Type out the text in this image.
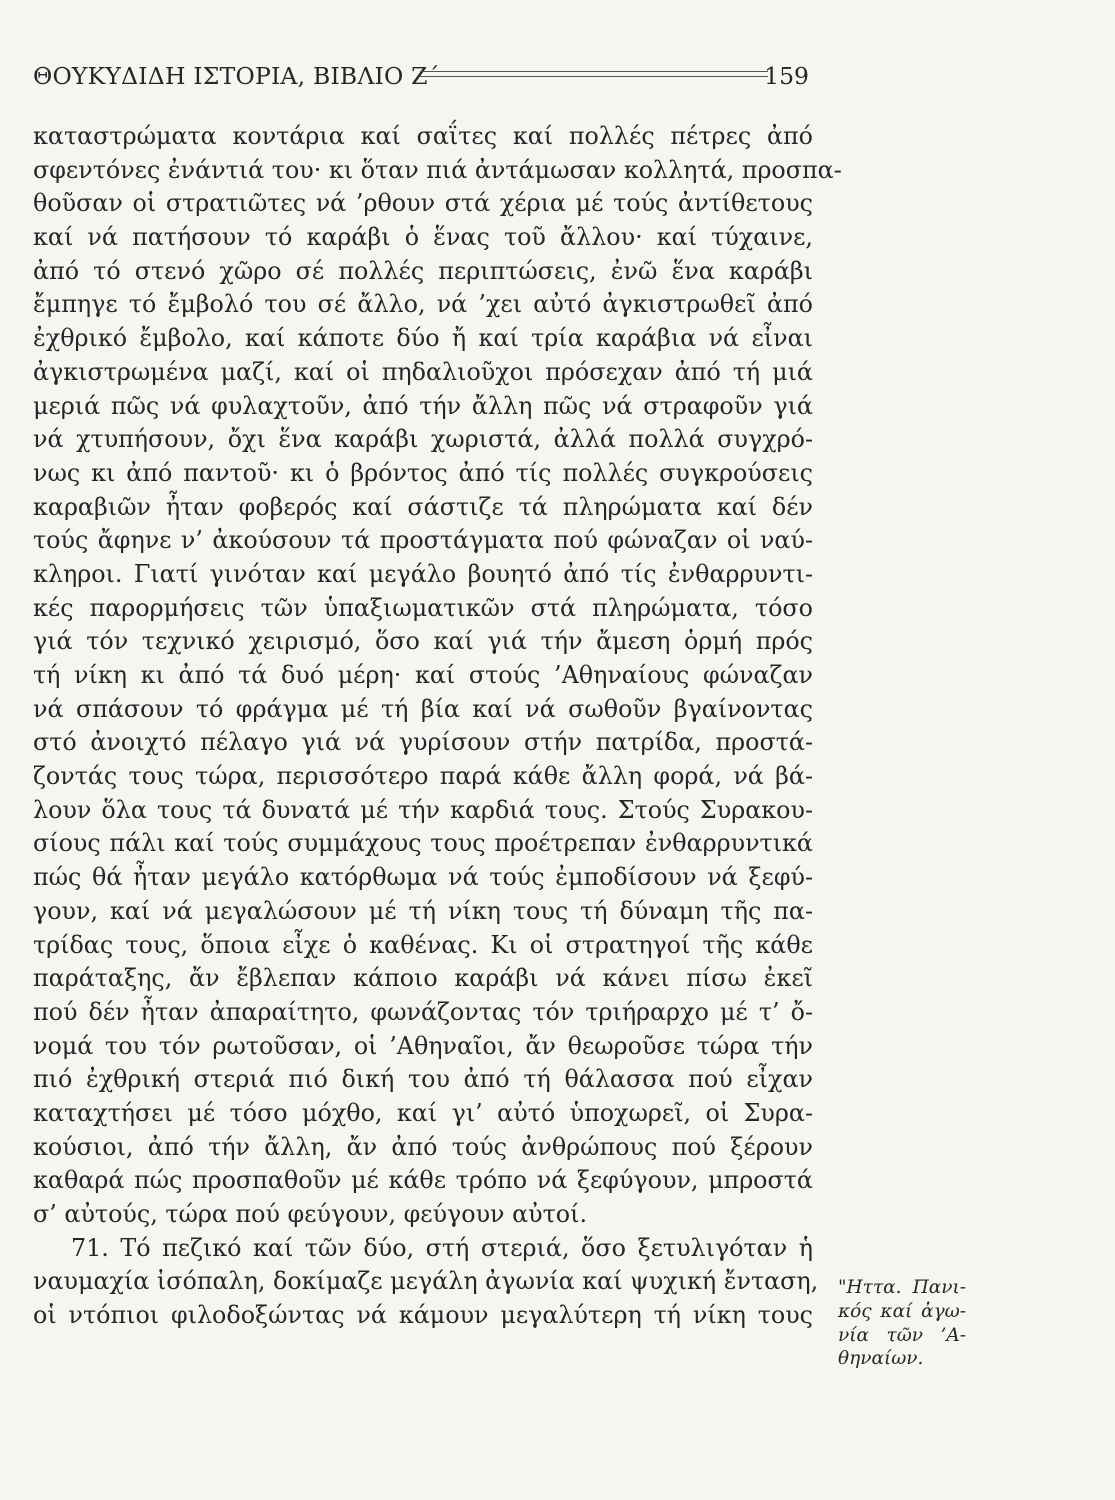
ΘΟΥΚΥΔΙΔΗ ΙΣΤΟΡΙΑ, ΒΙΒΛΙΟ Ζ΄	159
καταστρώματα κοντάρια καί σαΐτες καί πολλές πέτρες ἀπό
σφεντόνες ἐνάντιά του· κι ὅταν πιά ἀντάμωσαν κολλητά, προσπα-
θοῦσαν οἱ στρατιῶτες νά ’ρθουν στά χέρια μέ τούς ἀντίθετους
καί νά πατήσουν τό καράβι ὁ ἕνας τοῦ ἄλλου· καί τύχαινε,
ἀπό τό στενό χῶρο σέ πολλές περιπτώσεις, ἐνῶ ἕνα καράβι
ἔμπηγε τό ἔμβολό του σέ ἄλλο, νά ’χει αὐτό ἀγκιστρωθεῖ ἀπό
ἐχθρικό ἔμβολο, καί κάποτε δύο ἤ καί τρία καράβια νά εἶναι
ἀγκιστρωμένα μαζί, καί οἱ πηδαλιοῦχοι πρόσεχαν ἀπό τή μιά
μεριά πῶς νά φυλαχτοῦν, ἀπό τήν ἄλλη πῶς νά στραφοῦν γιά
νά χτυπήσουν, ὄχι ἕνα καράβι χωριστά, ἀλλά πολλά συγχρό-
νως κι ἀπό παντοῦ· κι ὁ βρόντος ἀπό τίς πολλές συγκρούσεις
καραβιῶν ἦταν φοβερός καί σάστιζε τά πληρώματα καί δέν
τούς ἄφηνε ν’ ἀκούσουν τά προστάγματα πού φώναζαν οἱ ναύ-
κληροι. Γιατί γινόταν καί μεγάλο βουητό ἀπό τίς ἐνθαρρυντι-
κές παρορμήσεις τῶν ὑπαξιωματικῶν στά πληρώματα, τόσο
γιά τόν τεχνικό χειρισμό, ὅσο καί γιά τήν ἄμεση ὁρμή πρός
τή νίκη κι ἀπό τά δυό μέρη· καί στούς ’Αθηναίους φώναζαν
νά σπάσουν τό φράγμα μέ τή βία καί νά σωθοῦν βγαίνοντας
στό ἀνοιχτό πέλαγο γιά νά γυρίσουν στήν πατρίδα, προστά-
ζοντάς τους τώρα, περισσότερο παρά κάθε ἄλλη φορά, νά βά-
λουν ὅλα τους τά δυνατά μέ τήν καρδιά τους. Στούς Συρακου-
σίους πάλι καί τούς συμμάχους τους προέτρεπαν ἐνθαρρυντικά
πώς θά ἦταν μεγάλο κατόρθωμα νά τούς ἐμποδίσουν νά ξεφύ-
γουν, καί νά μεγαλώσουν μέ τή νίκη τους τή δύναμη τῆς πα-
τρίδας τους, ὅποια εἶχε ὁ καθένας. Κι οἱ στρατηγοί τῆς κάθε
παράταξης, ἄν ἔβλεπαν κάποιο καράβι νά κάνει πίσω ἐκεῖ
πού δέν ἦταν ἀπαραίτητο, φωνάζοντας τόν τριήραρχο μέ τ’ ὄ-
νομά του τόν ρωτοῦσαν, οἱ ’Αθηναῖοι, ἄν θεωροῦσε τώρα τήν
πιό ἐχθρική στεριά πιό δική του ἀπό τή θάλασσα πού εἶχαν
καταχτήσει μέ τόσο μόχθο, καί γι’ αὐτό ὑποχωρεῖ, οἱ Συρα-
κούσιοι, ἀπό τήν ἄλλη, ἄν ἀπό τούς ἀνθρώπους πού ξέρουν
καθαρά πώς προσπαθοῦν μέ κάθε τρόπο νά ξεφύγουν, μπροστά
σ’ αὐτούς, τώρα πού φεύγουν, φεύγουν αὐτοί.
71. Τό πεζικό καί τῶν δύο, στή στεριά, ὅσο ξετυλιγόταν ἡ
ναυμαχία ἰσόπαλη, δοκίμαζε μεγάλη ἀγωνία καί ψυχική ἔνταση,
οἱ ντόπιοι φιλοδοξώντας νά κάμουν μεγαλύτερη τή νίκη τους
"Ηττα. Πανι-
κός καί ἀγω-
νία τῶν ’Α-
θηναίων.
